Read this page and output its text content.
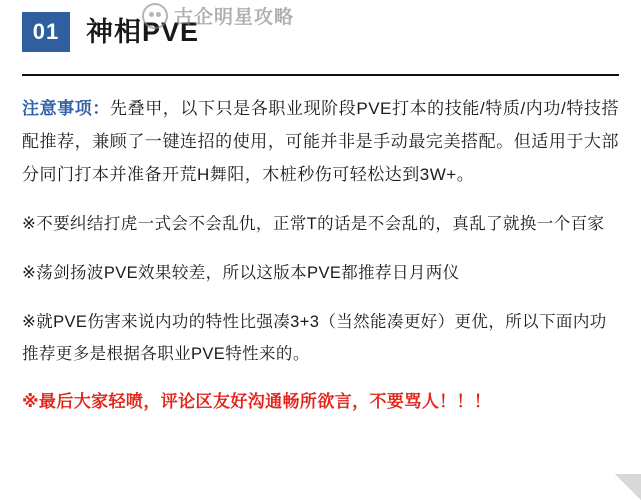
01 神相PVE
古企明星攻略

注意事项：先叠甲，以下只是各职业现阶段PVE打本的技能/特质/内功/特技搭配推荐，兼顾了一键连招的使用，可能并非是手动最完美搭配。但适用于大部分同门打本并准备开荒H舞阳，木桩秒伤可轻松达到3W+。

※不要纠结打虎一式会不会乱仇，正常T的话是不会乱的，真乱了就换一个百家

※荡剑扬波PVE效果较差，所以这版本PVE都推荐日月两仪

※就PVE伤害来说内功的特性比强凑3+3（当然能凑更好）更优，所以下面内功推荐更多是根据各职业PVE特性来的。

※最后大家轻喷，评论区友好沟通畅所欲言，不要骂人！！！
